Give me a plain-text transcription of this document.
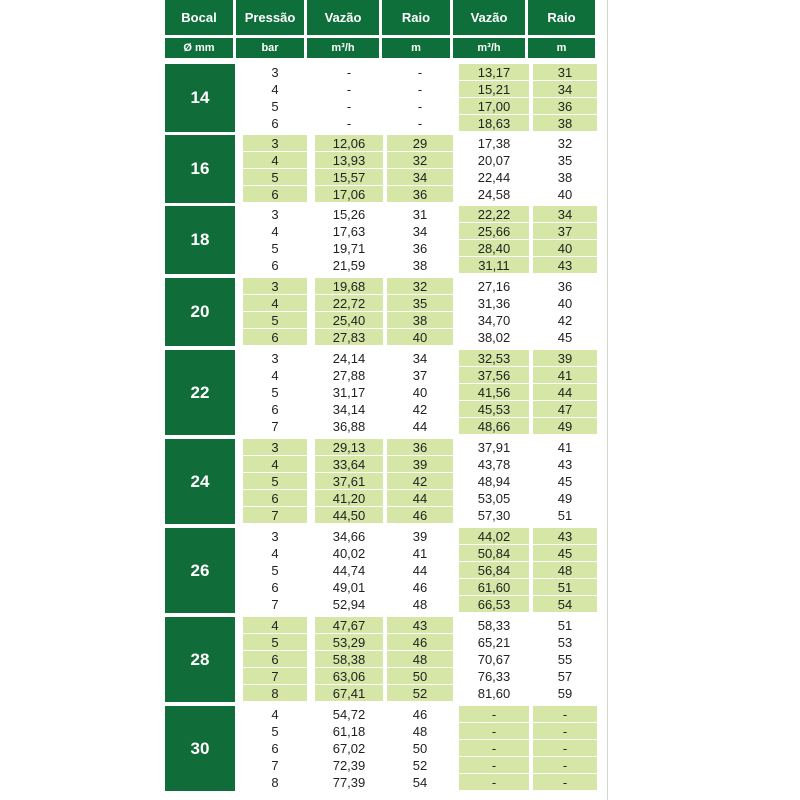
Bocal	Pressão	Vazão	Raio	Vazão	Raio
Ø mm	bar	m³/h	m	m³/h	m
14
3	-	-	13,17	31
4	-	-	15,21	34
5	-	-	17,00	36
6	-	-	18,63	38
16
3	12,06	29	17,38	32
4	13,93	32	20,07	35
5	15,57	34	22,44	38
6	17,06	36	24,58	40
18
3	15,26	31	22,22	34
4	17,63	34	25,66	37
5	19,71	36	28,40	40
6	21,59	38	31,11	43
20
3	19,68	32	27,16	36
4	22,72	35	31,36	40
5	25,40	38	34,70	42
6	27,83	40	38,02	45
22
3	24,14	34	32,53	39
4	27,88	37	37,56	41
5	31,17	40	41,56	44
6	34,14	42	45,53	47
7	36,88	44	48,66	49
24
3	29,13	36	37,91	41
4	33,64	39	43,78	43
5	37,61	42	48,94	45
6	41,20	44	53,05	49
7	44,50	46	57,30	51
26
3	34,66	39	44,02	43
4	40,02	41	50,84	45
5	44,74	44	56,84	48
6	49,01	46	61,60	51
7	52,94	48	66,53	54
28
4	47,67	43	58,33	51
5	53,29	46	65,21	53
6	58,38	48	70,67	55
7	63,06	50	76,33	57
8	67,41	52	81,60	59
30
4	54,72	46	-	-
5	61,18	48	-	-
6	67,02	50	-	-
7	72,39	52	-	-
8	77,39	54	-	-
